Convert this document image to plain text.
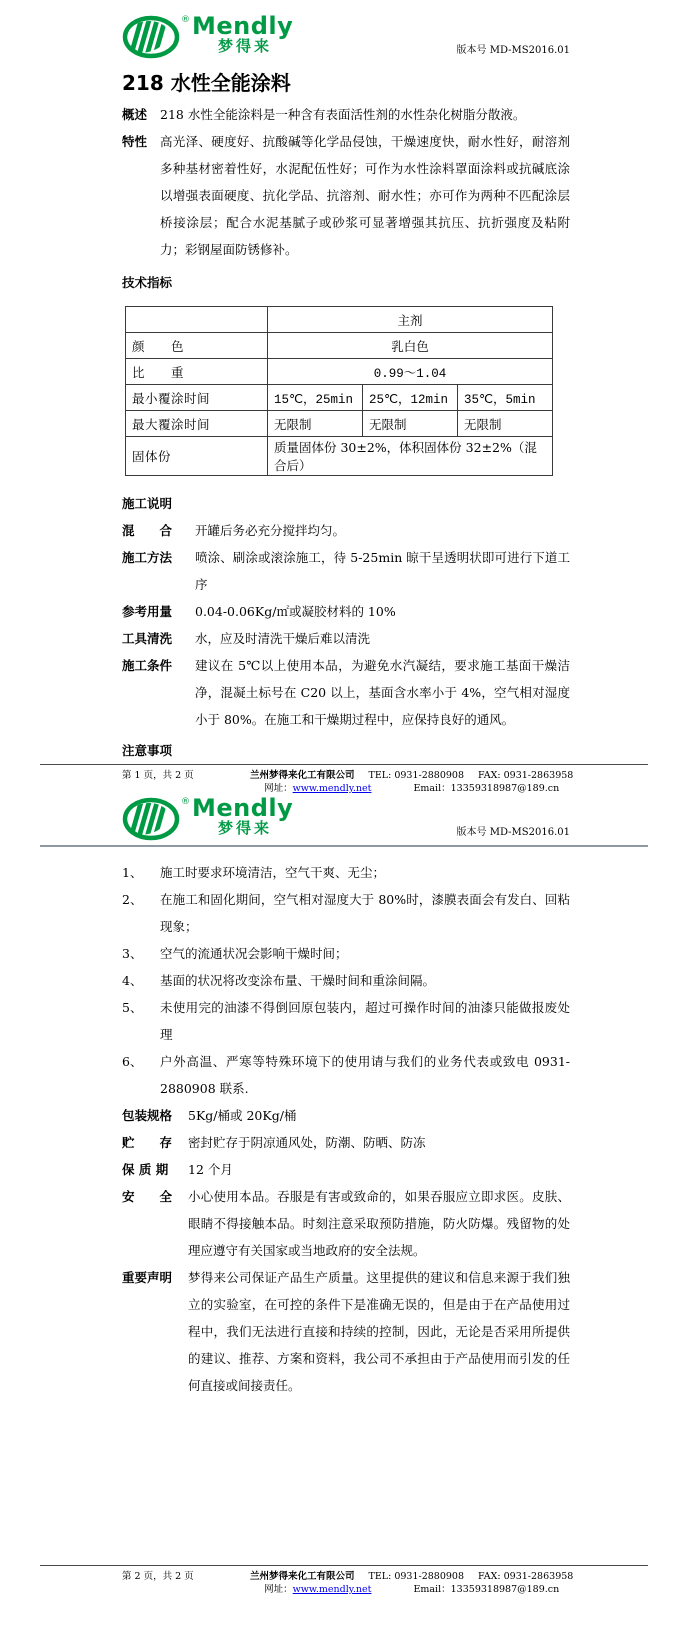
® Mendly
梦得来	版本号 MD-MS2016.01
218 水性全能涂料
概述	218 水性全能涂料是一种含有表面活性剂的水性杂化树脂分散液。
特性	高光泽、硬度好、抗酸碱等化学品侵蚀，干燥速度快，耐水性好，耐溶剂多种基材密着性好，水泥配伍性好；可作为水性涂料罩面涂料或抗碱底涂以增强表面硬度、抗化学品、抗溶剂、耐水性；亦可作为两种不匹配涂层桥接涂层；配合水泥基腻子或砂浆可显著增强其抗压、抗折强度及粘附力；彩钢屋面防锈修补。
技术指标
	主剂		
颜　　色	乳白色		
比　　重	0.99～1.04		
最小覆涂时间	15℃，25min	25℃，12min	35℃，5min
最大覆涂时间	无限制	无限制	无限制
固体份	质量固体份 30±2%，体积固体份 32±2%（混合后）		
施工说明
混　　合	开罐后务必充分搅拌均匀。
施工方法	喷涂、刷涂或滚涂施工，待 5-25min 晾干呈透明状即可进行下道工序
参考用量	0.04-0.06Kg/㎡或凝胶材料的 10%
工具清洗	水，应及时清洗干燥后难以清洗
施工条件	建议在 5℃以上使用本品，为避免水汽凝结，要求施工基面干燥洁净，混凝土标号在 C20 以上，基面含水率小于 4%，空气相对湿度小于 80%。在施工和干燥期过程中，应保持良好的通风。
注意事项
第 1 页，共 2 页	兰州梦得来化工有限公司 TEL: 0931-2880908 FAX: 0931-2863958
网址：www.mendly.net	Email：13359318987@189.cn
® Mendly
梦得来	版本号 MD-MS2016.01
1、	施工时要求环境清洁，空气干爽、无尘；
2、	在施工和固化期间，空气相对湿度大于 80%时，漆膜表面会有发白、回粘现象；
3、	空气的流通状况会影响干燥时间；
4、	基面的状况将改变涂布量、干燥时间和重涂间隔。
5、	未使用完的油漆不得倒回原包装内，超过可操作时间的油漆只能做报废处理
6、	户外高温、严寒等特殊环境下的使用请与我们的业务代表或致电 0931-2880908 联系.
包装规格	5Kg/桶或 20Kg/桶
贮　　存	密封贮存于阴凉通风处，防潮、防晒、防冻
保 质 期	12 个月
安　　全	小心使用本品。吞服是有害或致命的，如果吞服应立即求医。皮肤、眼睛不得接触本品。时刻注意采取预防措施，防火防爆。残留物的处理应遵守有关国家或当地政府的安全法规。
重要声明	梦得来公司保证产品生产质量。这里提供的建议和信息来源于我们独立的实验室，在可控的条件下是准确无误的，但是由于在产品使用过程中，我们无法进行直接和持续的控制，因此，无论是否采用所提供的建议、推荐、方案和资料，我公司不承担由于产品使用而引发的任何直接或间接责任。
第 2 页，共 2 页	兰州梦得来化工有限公司 TEL: 0931-2880908 FAX: 0931-2863958
网址：www.mendly.net	Email：13359318987@189.cn
